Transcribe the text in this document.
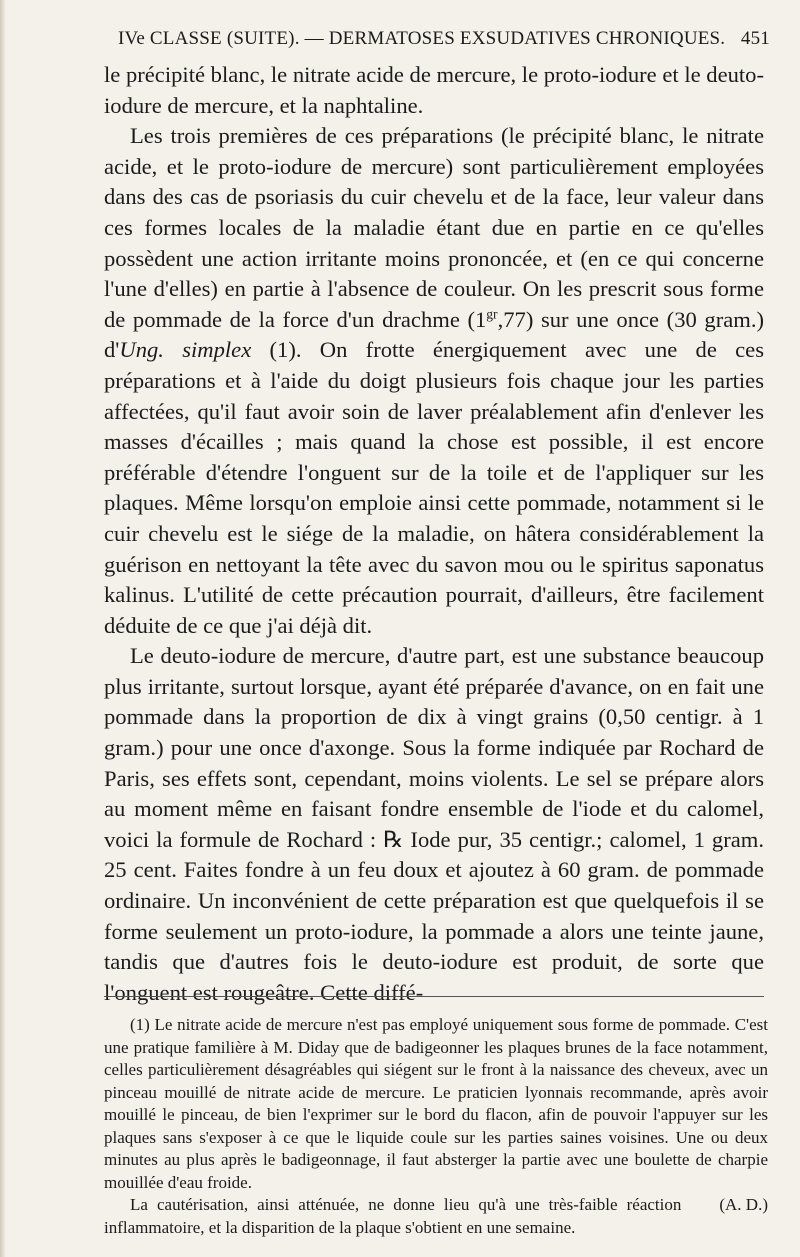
IVe CLASSE (SUITE). — DERMATOSES EXSUDATIVES CHRONIQUES. 451

le précipité blanc, le nitrate acide de mercure, le proto-iodure et le deuto-iodure de mercure, et la naphtaline.

Les trois premières de ces préparations (le précipité blanc, le nitrate acide, et le proto-iodure de mercure) sont particulièrement employées dans des cas de psoriasis du cuir chevelu et de la face, leur valeur dans ces formes locales de la maladie étant due en partie en ce qu'elles possèdent une action irritante moins prononcée, et (en ce qui concerne l'une d'elles) en partie à l'absence de couleur. On les prescrit sous forme de pommade de la force d'un drachme $(1^{gr},77)$ sur une once (30 gram.) d'Ung. simplex (1). On frotte énergiquement avec une de ces préparations et à l'aide du doigt plusieurs fois chaque jour les parties affectées, qu'il faut avoir soin de laver préalablement afin d'enlever les masses d'écailles ; mais quand la chose est possible, il est encore préférable d'étendre l'onguent sur de la toile et de l'appliquer sur les plaques. Même lorsqu'on emploie ainsi cette pommade, notamment si le cuir chevelu est le siége de la maladie, on hâtera considérablement la guérison en nettoyant la tête avec du savon mou ou le spiritus saponatus kalinus. L'utilité de cette précaution pourrait, d'ailleurs, être facilement déduite de ce que j'ai déjà dit.

Le deuto-iodure de mercure, d'autre part, est une substance beaucoup plus irritante, surtout lorsque, ayant été préparée d'avance, on en fait une pommade dans la proportion de dix à vingt grains (0,50 centigr. à 1 gram.) pour une once d'axonge. Sous la forme indiquée par Rochard de Paris, ses effets sont, cependant, moins violents. Le sel se prépare alors au moment même en faisant fondre ensemble de l'iode et du calomel, voici la formule de Rochard : ℞ Iode pur, 35 centigr.; calomel, 1 gram. 25 cent. Faites fondre à un feu doux et ajoutez à 60 gram. de pommade ordinaire. Un inconvénient de cette préparation est que quelquefois il se forme seulement un proto-iodure, la pommade a alors une teinte jaune, tandis que d'autres fois le deuto-iodure est produit, de sorte que l'onguent est rougeâtre. Cette diffé-

(1) Le nitrate acide de mercure n'est pas employé uniquement sous forme de pommade. C'est une pratique familière à M. Diday que de badigeonner les plaques brunes de la face notamment, celles particulièrement désagréables qui siégent sur le front à la naissance des cheveux, avec un pinceau mouillé de nitrate acide de mercure. Le praticien lyonnais recommande, après avoir mouillé le pinceau, de bien l'exprimer sur le bord du flacon, afin de pouvoir l'appuyer sur les plaques sans s'exposer à ce que le liquide coule sur les parties saines voisines. Une ou deux minutes au plus après le badigeonnage, il faut absterger la partie avec une boulette de charpie mouillée d'eau froide.

(A. D.)
La cautérisation, ainsi atténuée, ne donne lieu qu'à une très-faible réaction inflammatoire, et la disparition de la plaque s'obtient en une semaine.
